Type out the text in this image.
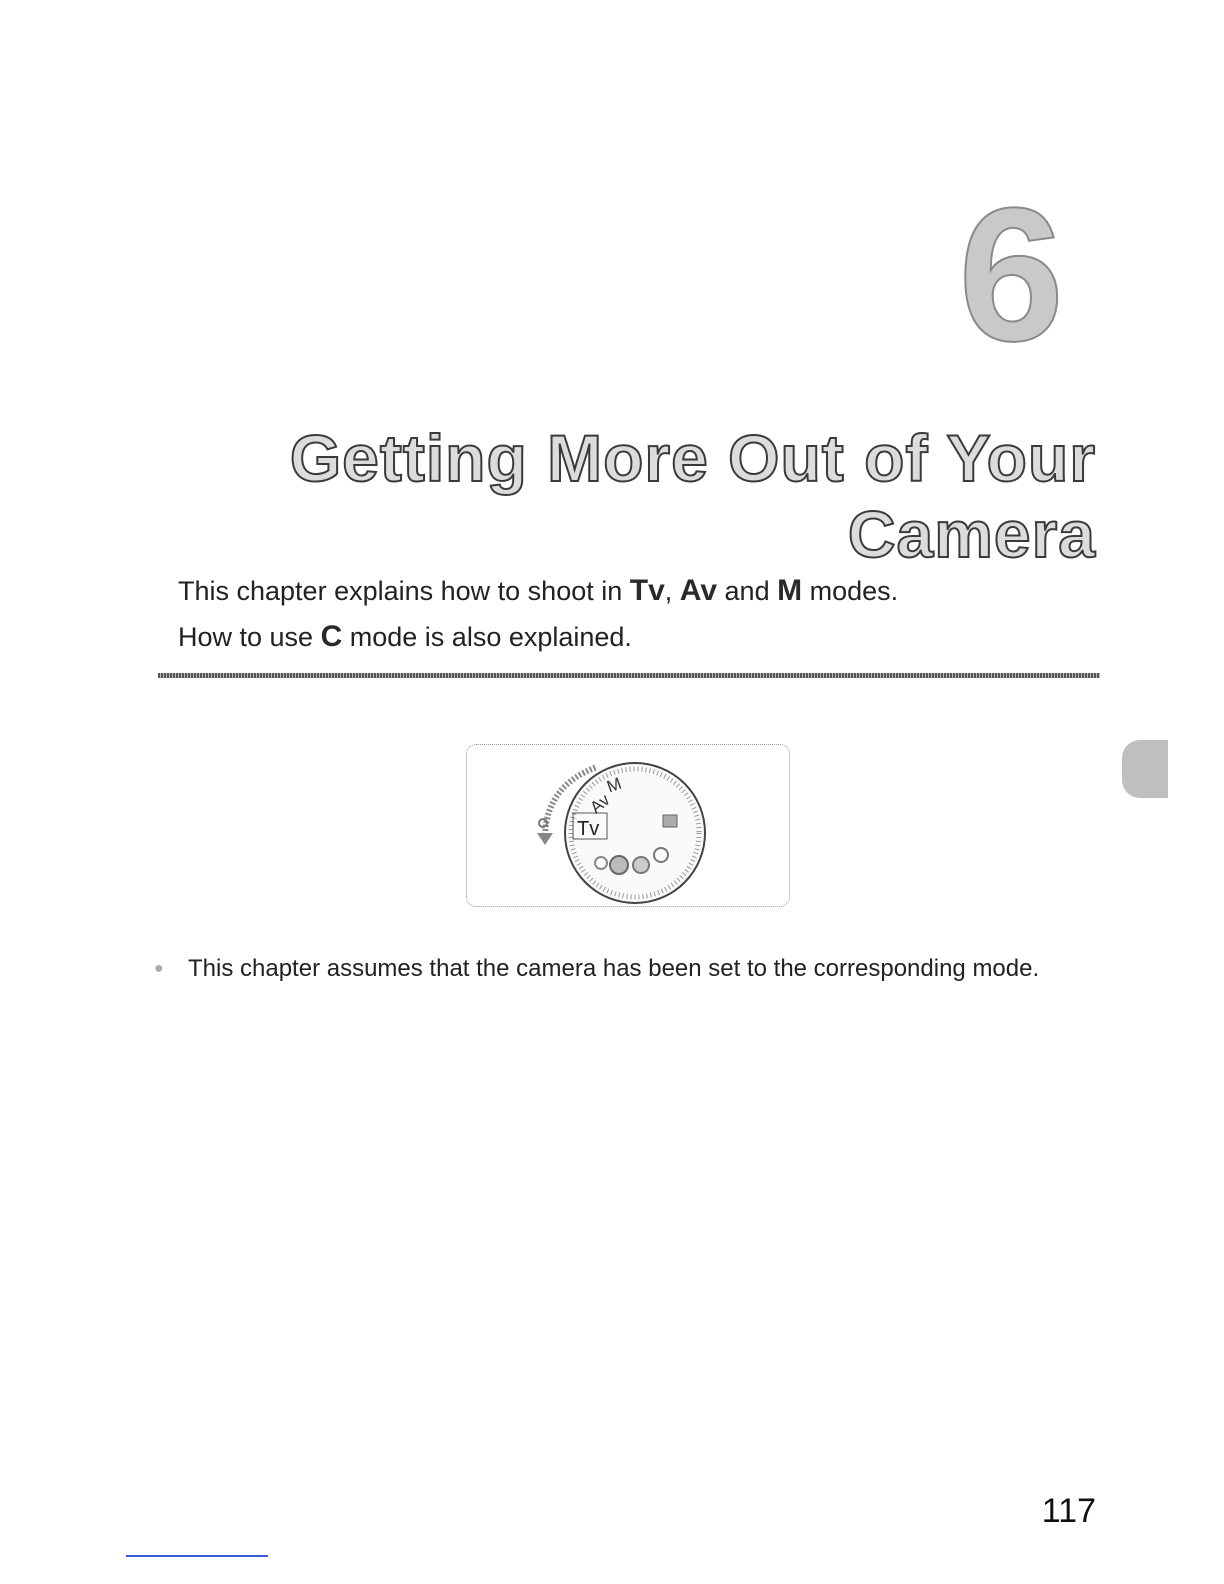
6
Getting More Out of Your
Camera

This chapter explains how to shoot in Tv, Av and M modes.

How to use C mode is also explained.

Tv
Av
M
● This chapter assumes that the camera has been set to the corresponding mode.
117
